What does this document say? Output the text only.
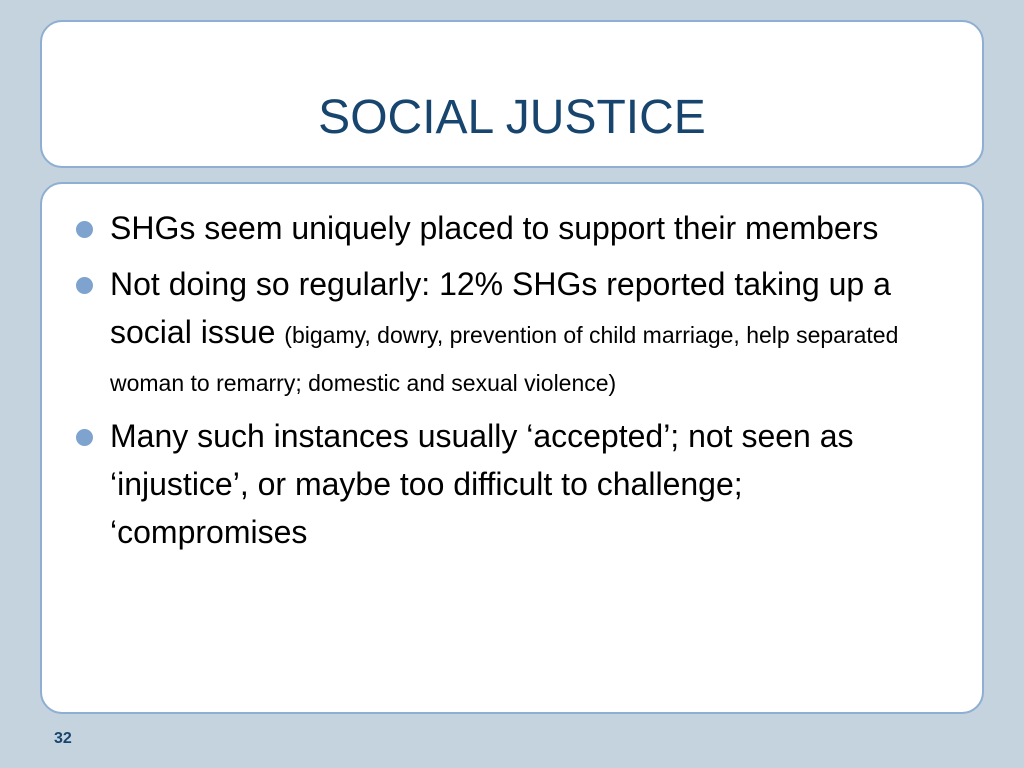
SOCIAL JUSTICE
SHGs seem uniquely placed to support their members
Not doing so regularly: 12% SHGs reported taking up a social issue (bigamy, dowry, prevention of child marriage, help separated woman to remarry; domestic and sexual violence)
Many such instances usually ‘accepted’; not seen as ‘injustice’, or maybe too difficult to challenge; ‘compromises
32
